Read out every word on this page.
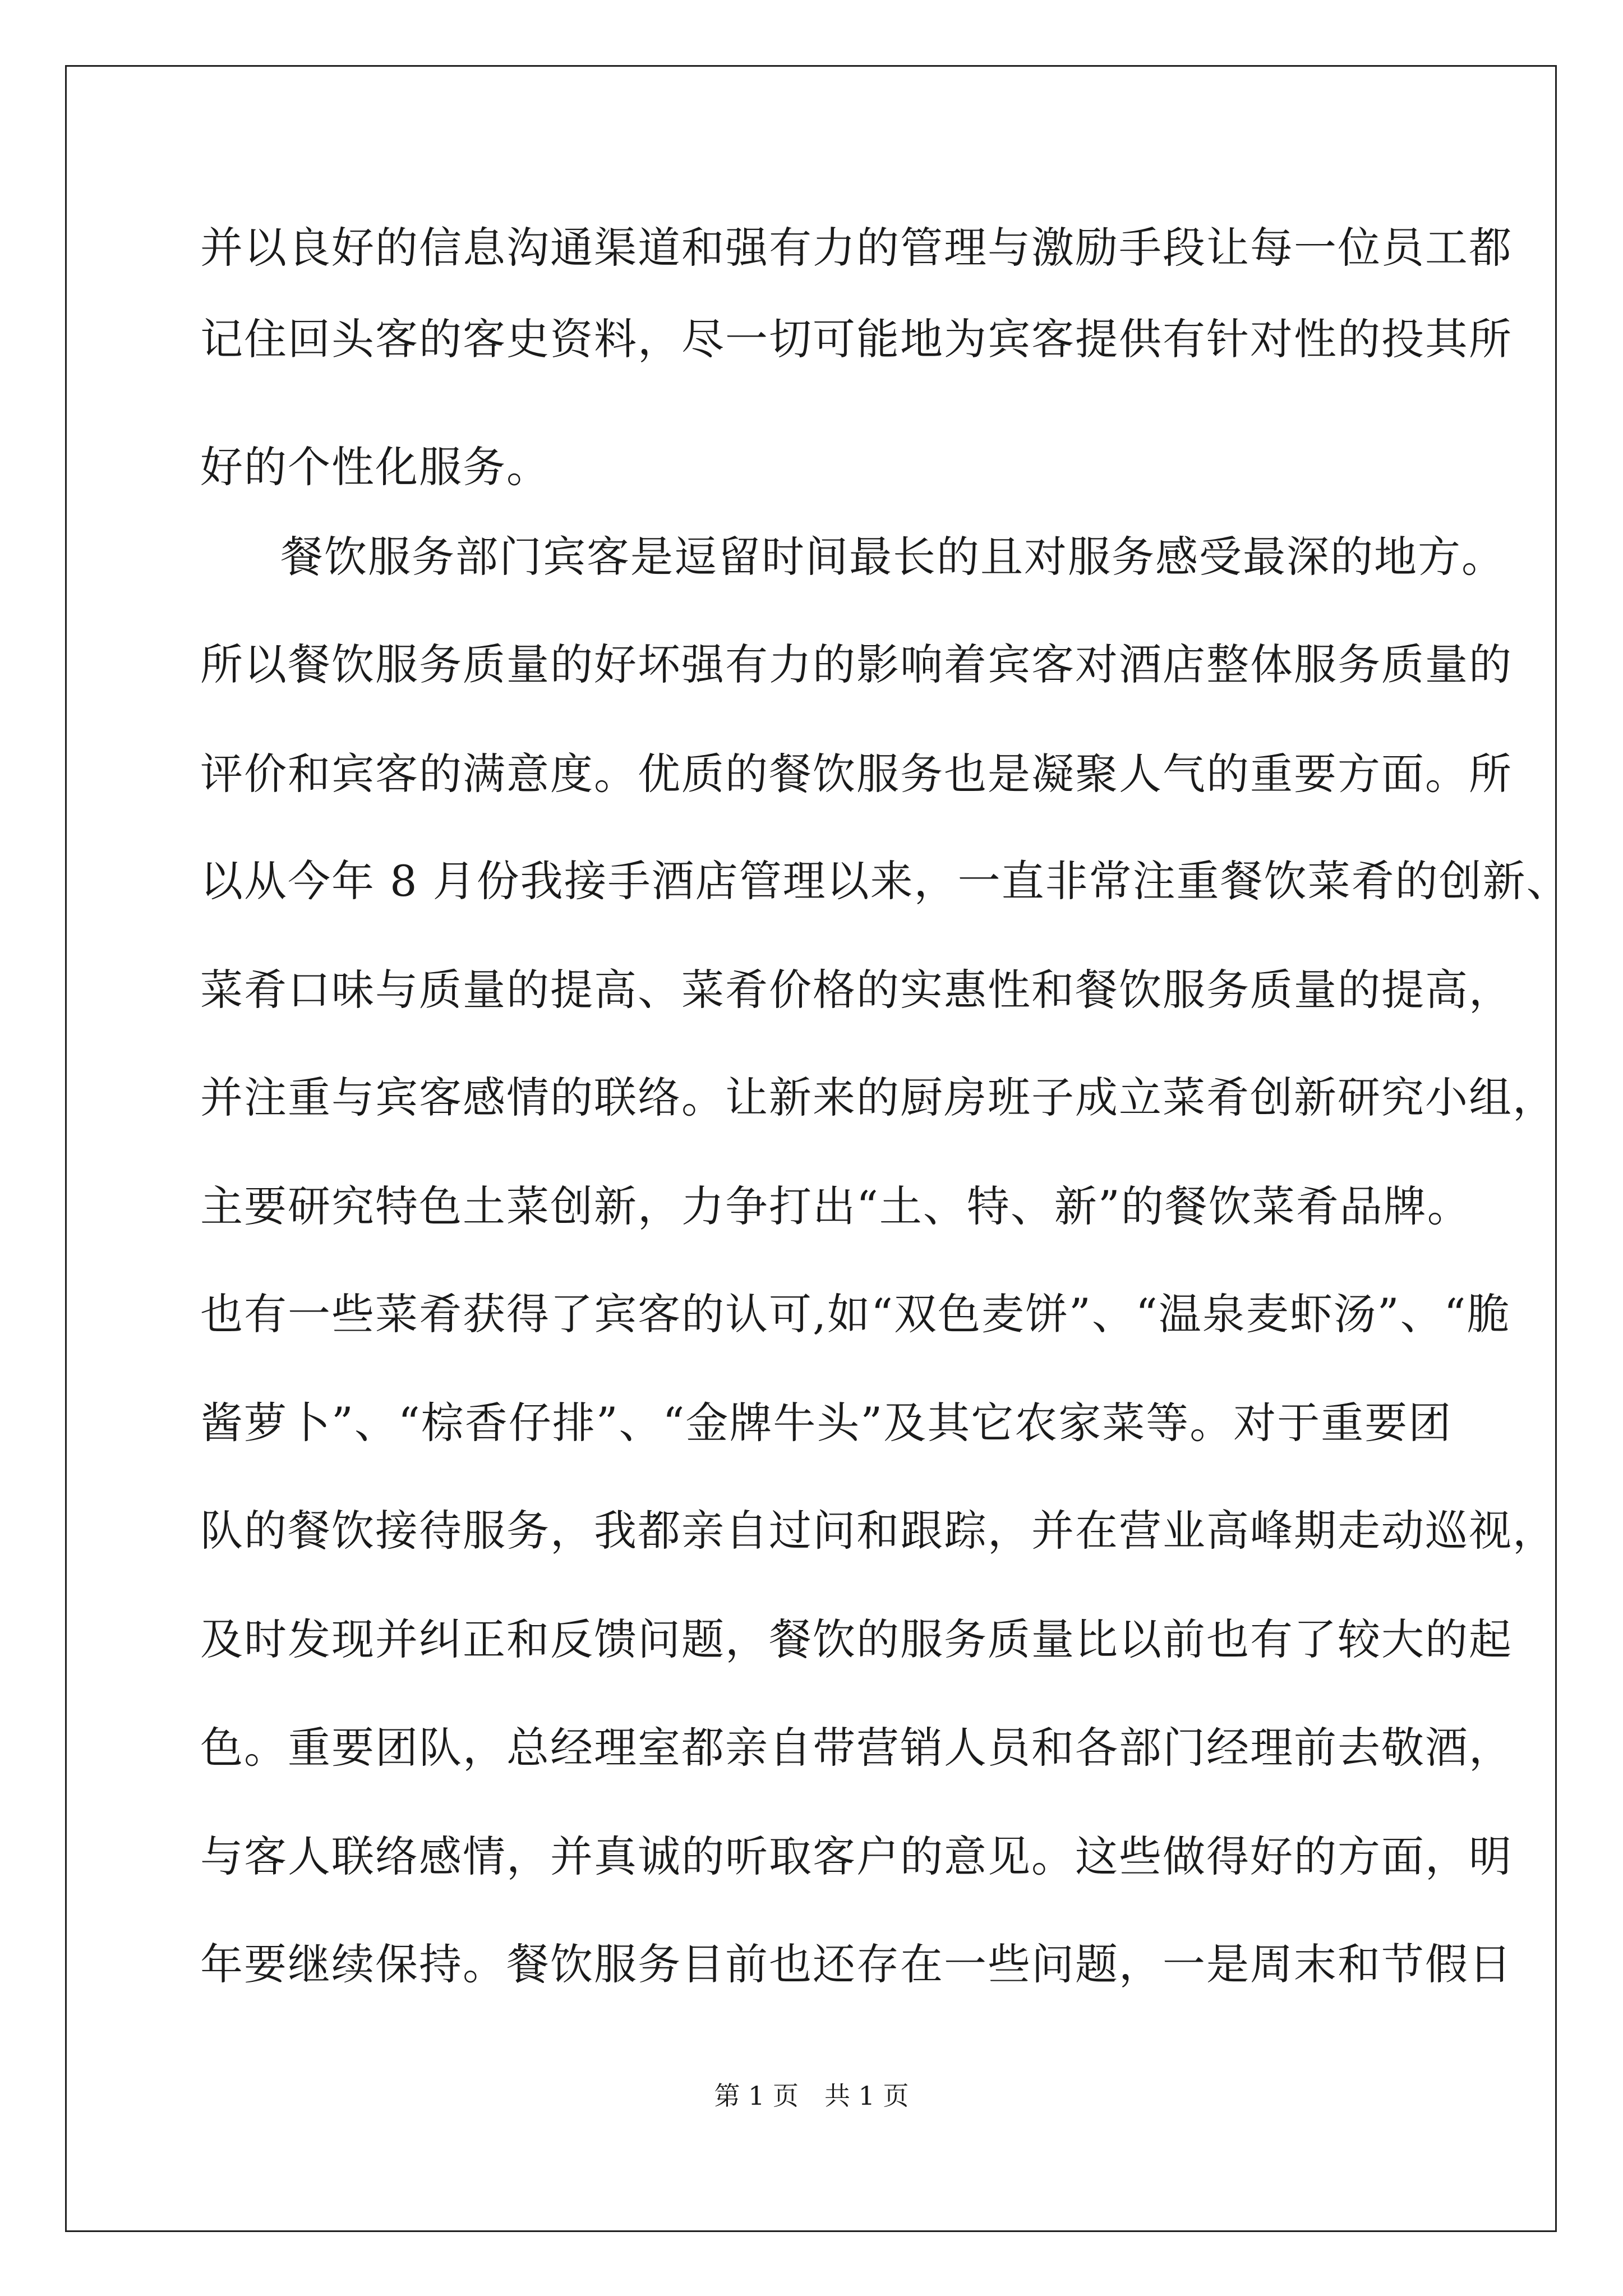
并以良好的信息沟通渠道和强有力的管理与激励手段让每一位员工都
记住回头客的客史资料，尽一切可能地为宾客提供有针对性的投其所
好的个性化服务。
餐饮服务部门宾客是逗留时间最长的且对服务感受最深的地方。
所以餐饮服务质量的好坏强有力的影响着宾客对酒店整体服务质量的
评价和宾客的满意度。优质的餐饮服务也是凝聚人气的重要方面。所
以从今年 8 月份我接手酒店管理以来，一直非常注重餐饮菜肴的创新、
菜肴口味与质量的提高、菜肴价格的实惠性和餐饮服务质量的提高，
并注重与宾客感情的联络。让新来的厨房班子成立菜肴创新研究小组，
主要研究特色土菜创新，力争打出“土、特、新”的餐饮菜肴品牌。
也有一些菜肴获得了宾客的认可,如“双色麦饼”、“温泉麦虾汤”、“脆
酱萝卜”、“棕香仔排”、“金牌牛头”及其它农家菜等。对于重要团
队的餐饮接待服务，我都亲自过问和跟踪，并在营业高峰期走动巡视，
及时发现并纠正和反馈问题，餐饮的服务质量比以前也有了较大的起
色。重要团队，总经理室都亲自带营销人员和各部门经理前去敬酒，
与客人联络感情，并真诚的听取客户的意见。这些做得好的方面，明
年要继续保持。餐饮服务目前也还存在一些问题，一是周末和节假日
第 1 页　共 1 页
